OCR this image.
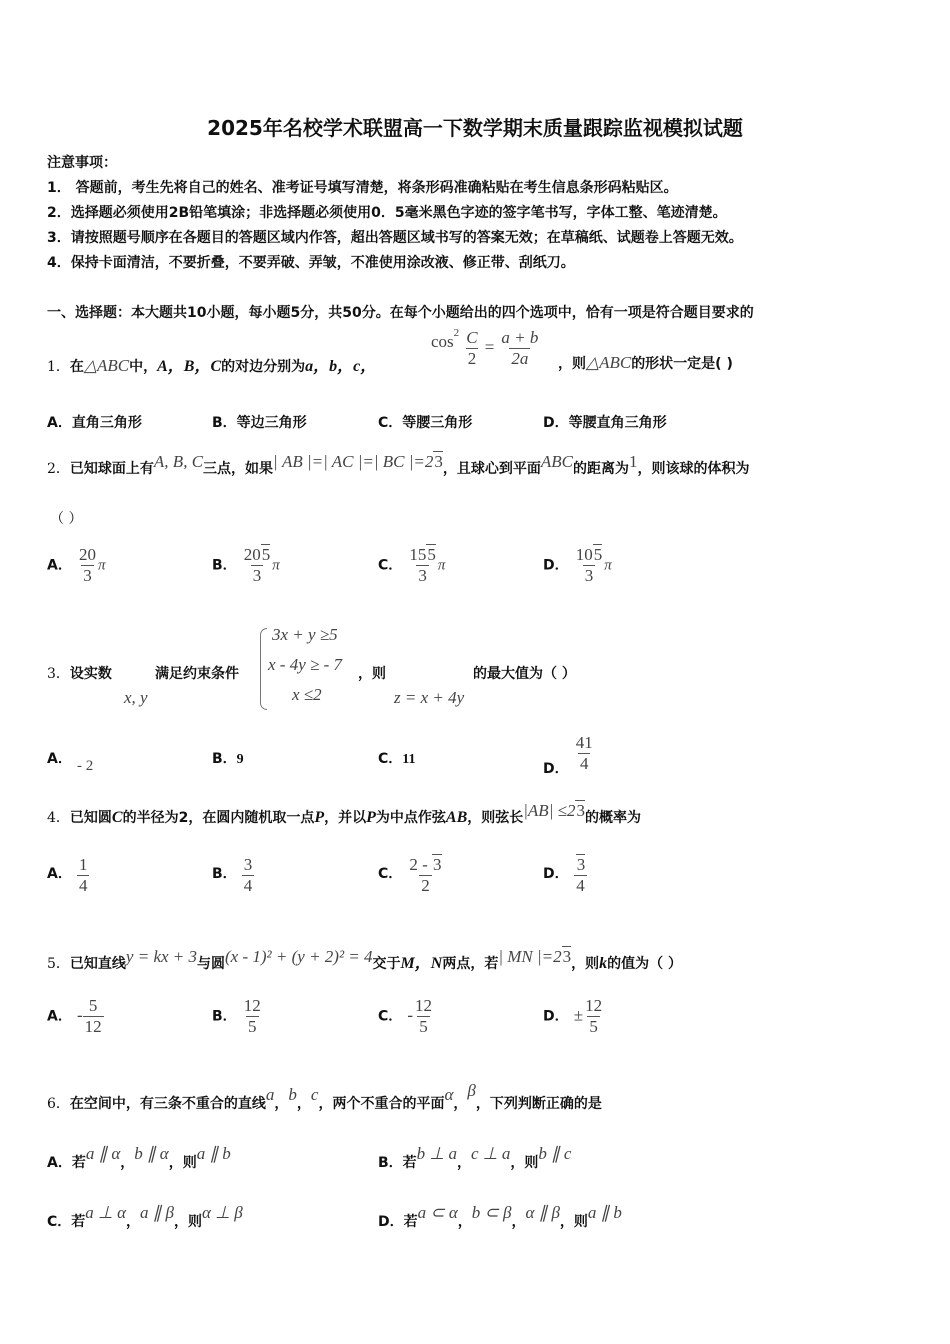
2025年名校学术联盟高一下数学期末质量跟踪监视模拟试题
注意事项：
1． 答题前，考生先将自己的姓名、准考证号填写清楚，将条形码准确粘贴在考生信息条形码粘贴区。
2．选择题必须使用2B铅笔填涂；非选择题必须使用0．5毫米黑色字迹的签字笔书写，字体工整、笔迹清楚。
3．请按照题号顺序在各题目的答题区域内作答，超出答题区域书写的答案无效；在草稿纸、试题卷上答题无效。
4．保持卡面清洁，不要折叠，不要弄破、弄皱，不准使用涂改液、修正带、刮纸刀。
一、选择题：本大题共10小题，每小题5分，共50分。在每个小题给出的四个选项中，恰有一项是符合题目要求的
1．在△ABC中，A，B，C的对边分别为a，b，c，
$\cos^2 \frac{C}{2} = \frac{a + b}{2a}$ ，则△ABC的形状一定是( )
A．直角三角形	B．等边三角形	C．等腰三角形	D．等腰直角三角形
2．已知球面上有A, B, C三点，如果| AB |=| AC |=| BC |=23，且球心到平面ABC的距离为1，则该球的体积为
（ ）
A． $\frac{20}{3}$ π	B． $\frac{205}{3}$ π	C． $\frac{155}{3}$ π	D． $\frac{105}{3}$ π
3．设实数
x, y
满足约束条件
3x + y ≥5
x - 4y ≥ - 7
x ≤2
，则
z = x + 4y
的最大值为（ ）
A． - 2	B．9	C．11
D． $\frac{41}{4}$
4．已知圆C的半径为2，在圆内随机取一点P，并以P为中点作弦AB，则弦长|AB| ≤23的概率为
A． $\frac{1}{4}$	B． $\frac{3}{4}$	C． $\frac{2 - 3}{2}$	D． $\frac{3}{4}$
5．已知直线y = kx + 3与圆(x - 1)² + (y + 2)² = 4交于M，N两点，若| MN |=23，则k的值为（ ）
A． - $\frac{5}{12}$	B． $\frac{12}{5}$	C． - $\frac{12}{5}$	D． ± $\frac{12}{5}$
6．在空间中，有三条不重合的直线a，b，c，两个不重合的平面α，β，下列判断正确的是
A．若a ∥ α，b ∥ α，则a ∥ b	B．若b ⊥ a，c ⊥ a，则b ∥ c
C．若a ⊥ α，a ∥ β，则α ⊥ β	D．若a ⊂ α，b ⊂ β，α ∥ β，则a ∥ b
